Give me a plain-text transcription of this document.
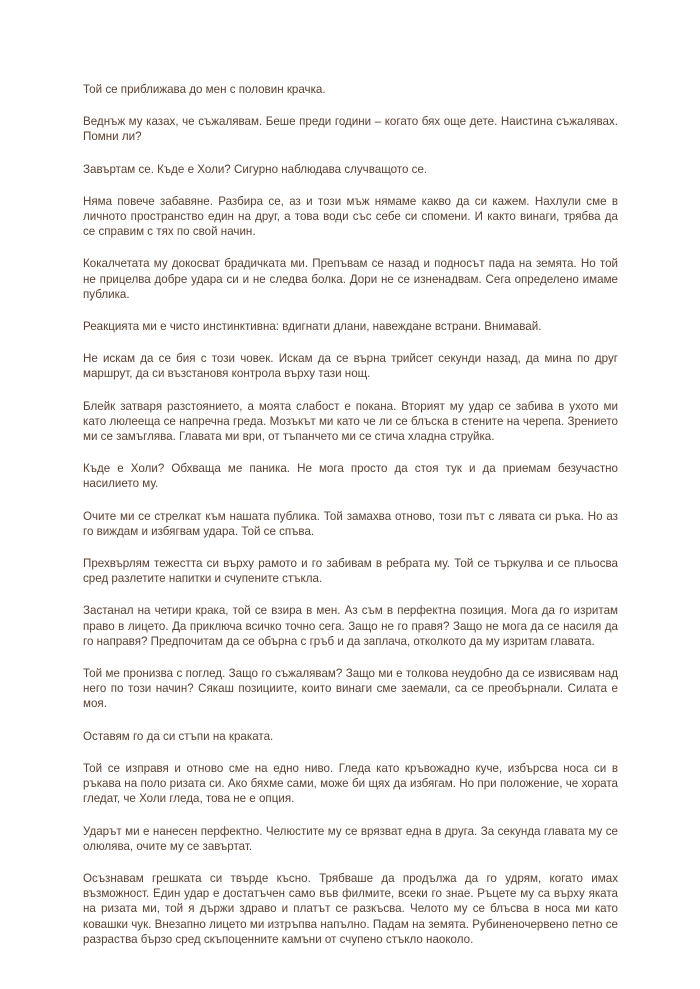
Той се приближава до мен с половин крачка.

Веднъж му казах, че съжалявам. Беше преди години – когато бях още дете. Наистина съжалявах. Помни ли?

Завъртам се. Къде е Холи? Сигурно наблюдава случващото се.

Няма повече забавяне. Разбира се, аз и този мъж нямаме какво да си кажем. Нахлули сме в личното пространство един на друг, а това води със себе си спомени. И както винаги, трябва да се справим с тях по свой начин.

Кокалчетата му докосват брадичката ми. Препъвам се назад и подносът пада на земята. Но той не прицелва добре удара си и не следва болка. Дори не се изненадвам. Сега определено имаме публика.

Реакцията ми е чисто инстинктивна: вдигнати длани, навеждане встрани. Внимавай.

Не искам да се бия с този човек. Искам да се върна трийсет секунди назад, да мина по друг маршрут, да си възстановя контрола върху тази нощ.

Блейк затваря разстоянието, а моята слабост е покана. Вторият му удар се забива в ухото ми като люлееща се напречна греда. Мозъкът ми като че ли се блъска в стените на черепа. Зрението ми се замъглява. Главата ми ври, от тъпанчето ми се стича хладна струйка.

Къде е Холи? Обхваща ме паника. Не мога просто да стоя тук и да приемам безучастно насилието му.

Очите ми се стрелкат към нашата публика. Той замахва отново, този път с лявата си ръка. Но аз го виждам и избягвам удара. Той се спъва.

Прехвърлям тежестта си върху рамото и го забивам в ребрата му. Той се търкулва и се пльосва сред разлетите напитки и счупените стъкла.

Застанал на четири крака, той се взира в мен. Аз съм в перфектна позиция. Мога да го изритам право в лицето. Да приключа всичко точно сега. Защо не го правя? Защо не мога да се насиля да го направя? Предпочитам да се обърна с гръб и да заплача, отколкото да му изритам главата.

Той ме пронизва с поглед. Защо го съжалявам? Защо ми е толкова неудобно да се извисявам над него по този начин? Сякаш позициите, които винаги сме заемали, са се преобърнали. Силата е моя.

Оставям го да си стъпи на краката.

Той се изправя и отново сме на едно ниво. Гледа като кръвожадно куче, избърсва носа си в ръкава на поло ризата си. Ако бяхме сами, може би щях да избягам. Но при положение, че хората гледат, че Холи гледа, това не е опция.

Ударът ми е нанесен перфектно. Челюстите му се врязват една в друга. За секунда главата му се олюлява, очите му се завъртат.

Осъзнавам грешката си твърде късно. Трябваше да продължа да го удрям, когато имах възможност. Един удар е достатъчен само във филмите, всеки го знае. Ръцете му са върху яката на ризата ми, той я държи здраво и платът се разкъсва. Челото му се блъсва в носа ми като ковашки чук. Внезапно лицето ми изтръпва напълно. Падам на земята. Рубиненочервено петно се разраства бързо сред скъпоценните камъни от счупено стъкло наоколо.
